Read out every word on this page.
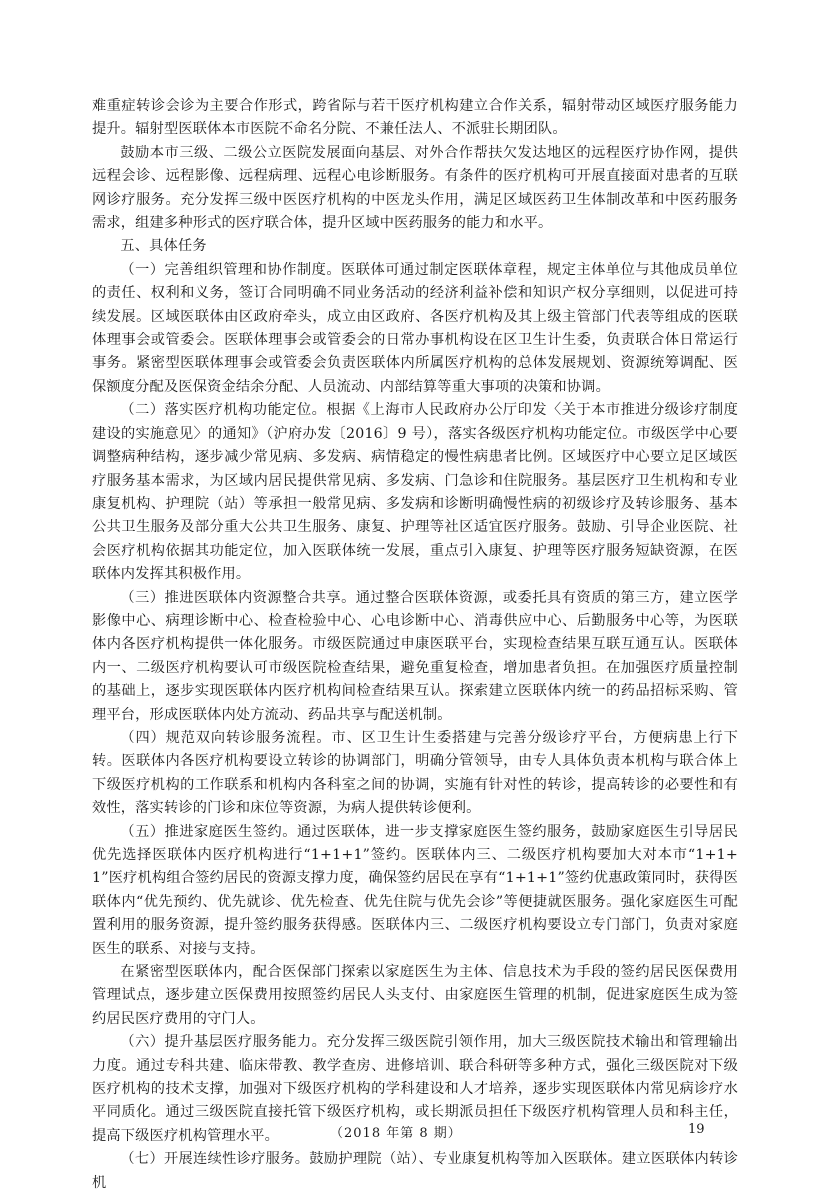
难重症转诊会诊为主要合作形式，跨省际与若干医疗机构建立合作关系，辐射带动区域医疗服务能力提升。辐射型医联体本市医院不命名分院、不兼任法人、不派驻长期团队。

鼓励本市三级、二级公立医院发展面向基层、对外合作帮扶欠发达地区的远程医疗协作网，提供远程会诊、远程影像、远程病理、远程心电诊断服务。有条件的医疗机构可开展直接面对患者的互联网诊疗服务。充分发挥三级中医医疗机构的中医龙头作用，满足区域医药卫生体制改革和中医药服务需求，组建多种形式的医疗联合体，提升区域中医药服务的能力和水平。

五、具体任务

（一）完善组织管理和协作制度。医联体可通过制定医联体章程，规定主体单位与其他成员单位的责任、权利和义务，签订合同明确不同业务活动的经济利益补偿和知识产权分享细则，以促进可持续发展。区域医联体由区政府牵头，成立由区政府、各医疗机构及其上级主管部门代表等组成的医联体理事会或管委会。医联体理事会或管委会的日常办事机构设在区卫生计生委，负责联合体日常运行事务。紧密型医联体理事会或管委会负责医联体内所属医疗机构的总体发展规划、资源统筹调配、医保额度分配及医保资金结余分配、人员流动、内部结算等重大事项的决策和协调。

（二）落实医疗机构功能定位。根据《上海市人民政府办公厅印发〈关于本市推进分级诊疗制度建设的实施意见〉的通知》（沪府办发〔2016〕9 号），落实各级医疗机构功能定位。市级医学中心要调整病种结构，逐步减少常见病、多发病、病情稳定的慢性病患者比例。区域医疗中心要立足区域医疗服务基本需求，为区域内居民提供常见病、多发病、门急诊和住院服务。基层医疗卫生机构和专业康复机构、护理院（站）等承担一般常见病、多发病和诊断明确慢性病的初级诊疗及转诊服务、基本公共卫生服务及部分重大公共卫生服务、康复、护理等社区适宜医疗服务。鼓励、引导企业医院、社会医疗机构依据其功能定位，加入医联体统一发展，重点引入康复、护理等医疗服务短缺资源，在医联体内发挥其积极作用。

（三）推进医联体内资源整合共享。通过整合医联体资源，或委托具有资质的第三方，建立医学影像中心、病理诊断中心、检查检验中心、心电诊断中心、消毒供应中心、后勤服务中心等，为医联体内各医疗机构提供一体化服务。市级医院通过申康医联平台，实现检查结果互联互通互认。医联体内一、二级医疗机构要认可市级医院检查结果，避免重复检查，增加患者负担。在加强医疗质量控制的基础上，逐步实现医联体内医疗机构间检查结果互认。探索建立医联体内统一的药品招标采购、管理平台，形成医联体内处方流动、药品共享与配送机制。

（四）规范双向转诊服务流程。市、区卫生计生委搭建与完善分级诊疗平台，方便病患上行下转。医联体内各医疗机构要设立转诊的协调部门，明确分管领导，由专人具体负责本机构与联合体上下级医疗机构的工作联系和机构内各科室之间的协调，实施有针对性的转诊，提高转诊的必要性和有效性，落实转诊的门诊和床位等资源，为病人提供转诊便利。

（五）推进家庭医生签约。通过医联体，进一步支撑家庭医生签约服务，鼓励家庭医生引导居民优先选择医联体内医疗机构进行“1+1+1”签约。医联体内三、二级医疗机构要加大对本市“1+1+1”医疗机构组合签约居民的资源支撑力度，确保签约居民在享有“1+1+1”签约优惠政策同时，获得医联体内“优先预约、优先就诊、优先检查、优先住院与优先会诊”等便捷就医服务。强化家庭医生可配置利用的服务资源，提升签约服务获得感。医联体内三、二级医疗机构要设立专门部门，负责对家庭医生的联系、对接与支持。

在紧密型医联体内，配合医保部门探索以家庭医生为主体、信息技术为手段的签约居民医保费用管理试点，逐步建立医保费用按照签约居民人头支付、由家庭医生管理的机制，促进家庭医生成为签约居民医疗费用的守门人。

（六）提升基层医疗服务能力。充分发挥三级医院引领作用，加大三级医院技术输出和管理输出力度。通过专科共建、临床带教、教学查房、进修培训、联合科研等多种方式，强化三级医院对下级医疗机构的技术支撑，加强对下级医疗机构的学科建设和人才培养，逐步实现医联体内常见病诊疗水平同质化。通过三级医院直接托管下级医疗机构，或长期派员担任下级医疗机构管理人员和科主任，提高下级医疗机构管理水平。

（七）开展连续性诊疗服务。鼓励护理院（站）、专业康复机构等加入医联体。建立医联体内转诊机

（2018 年第 8 期）	19
